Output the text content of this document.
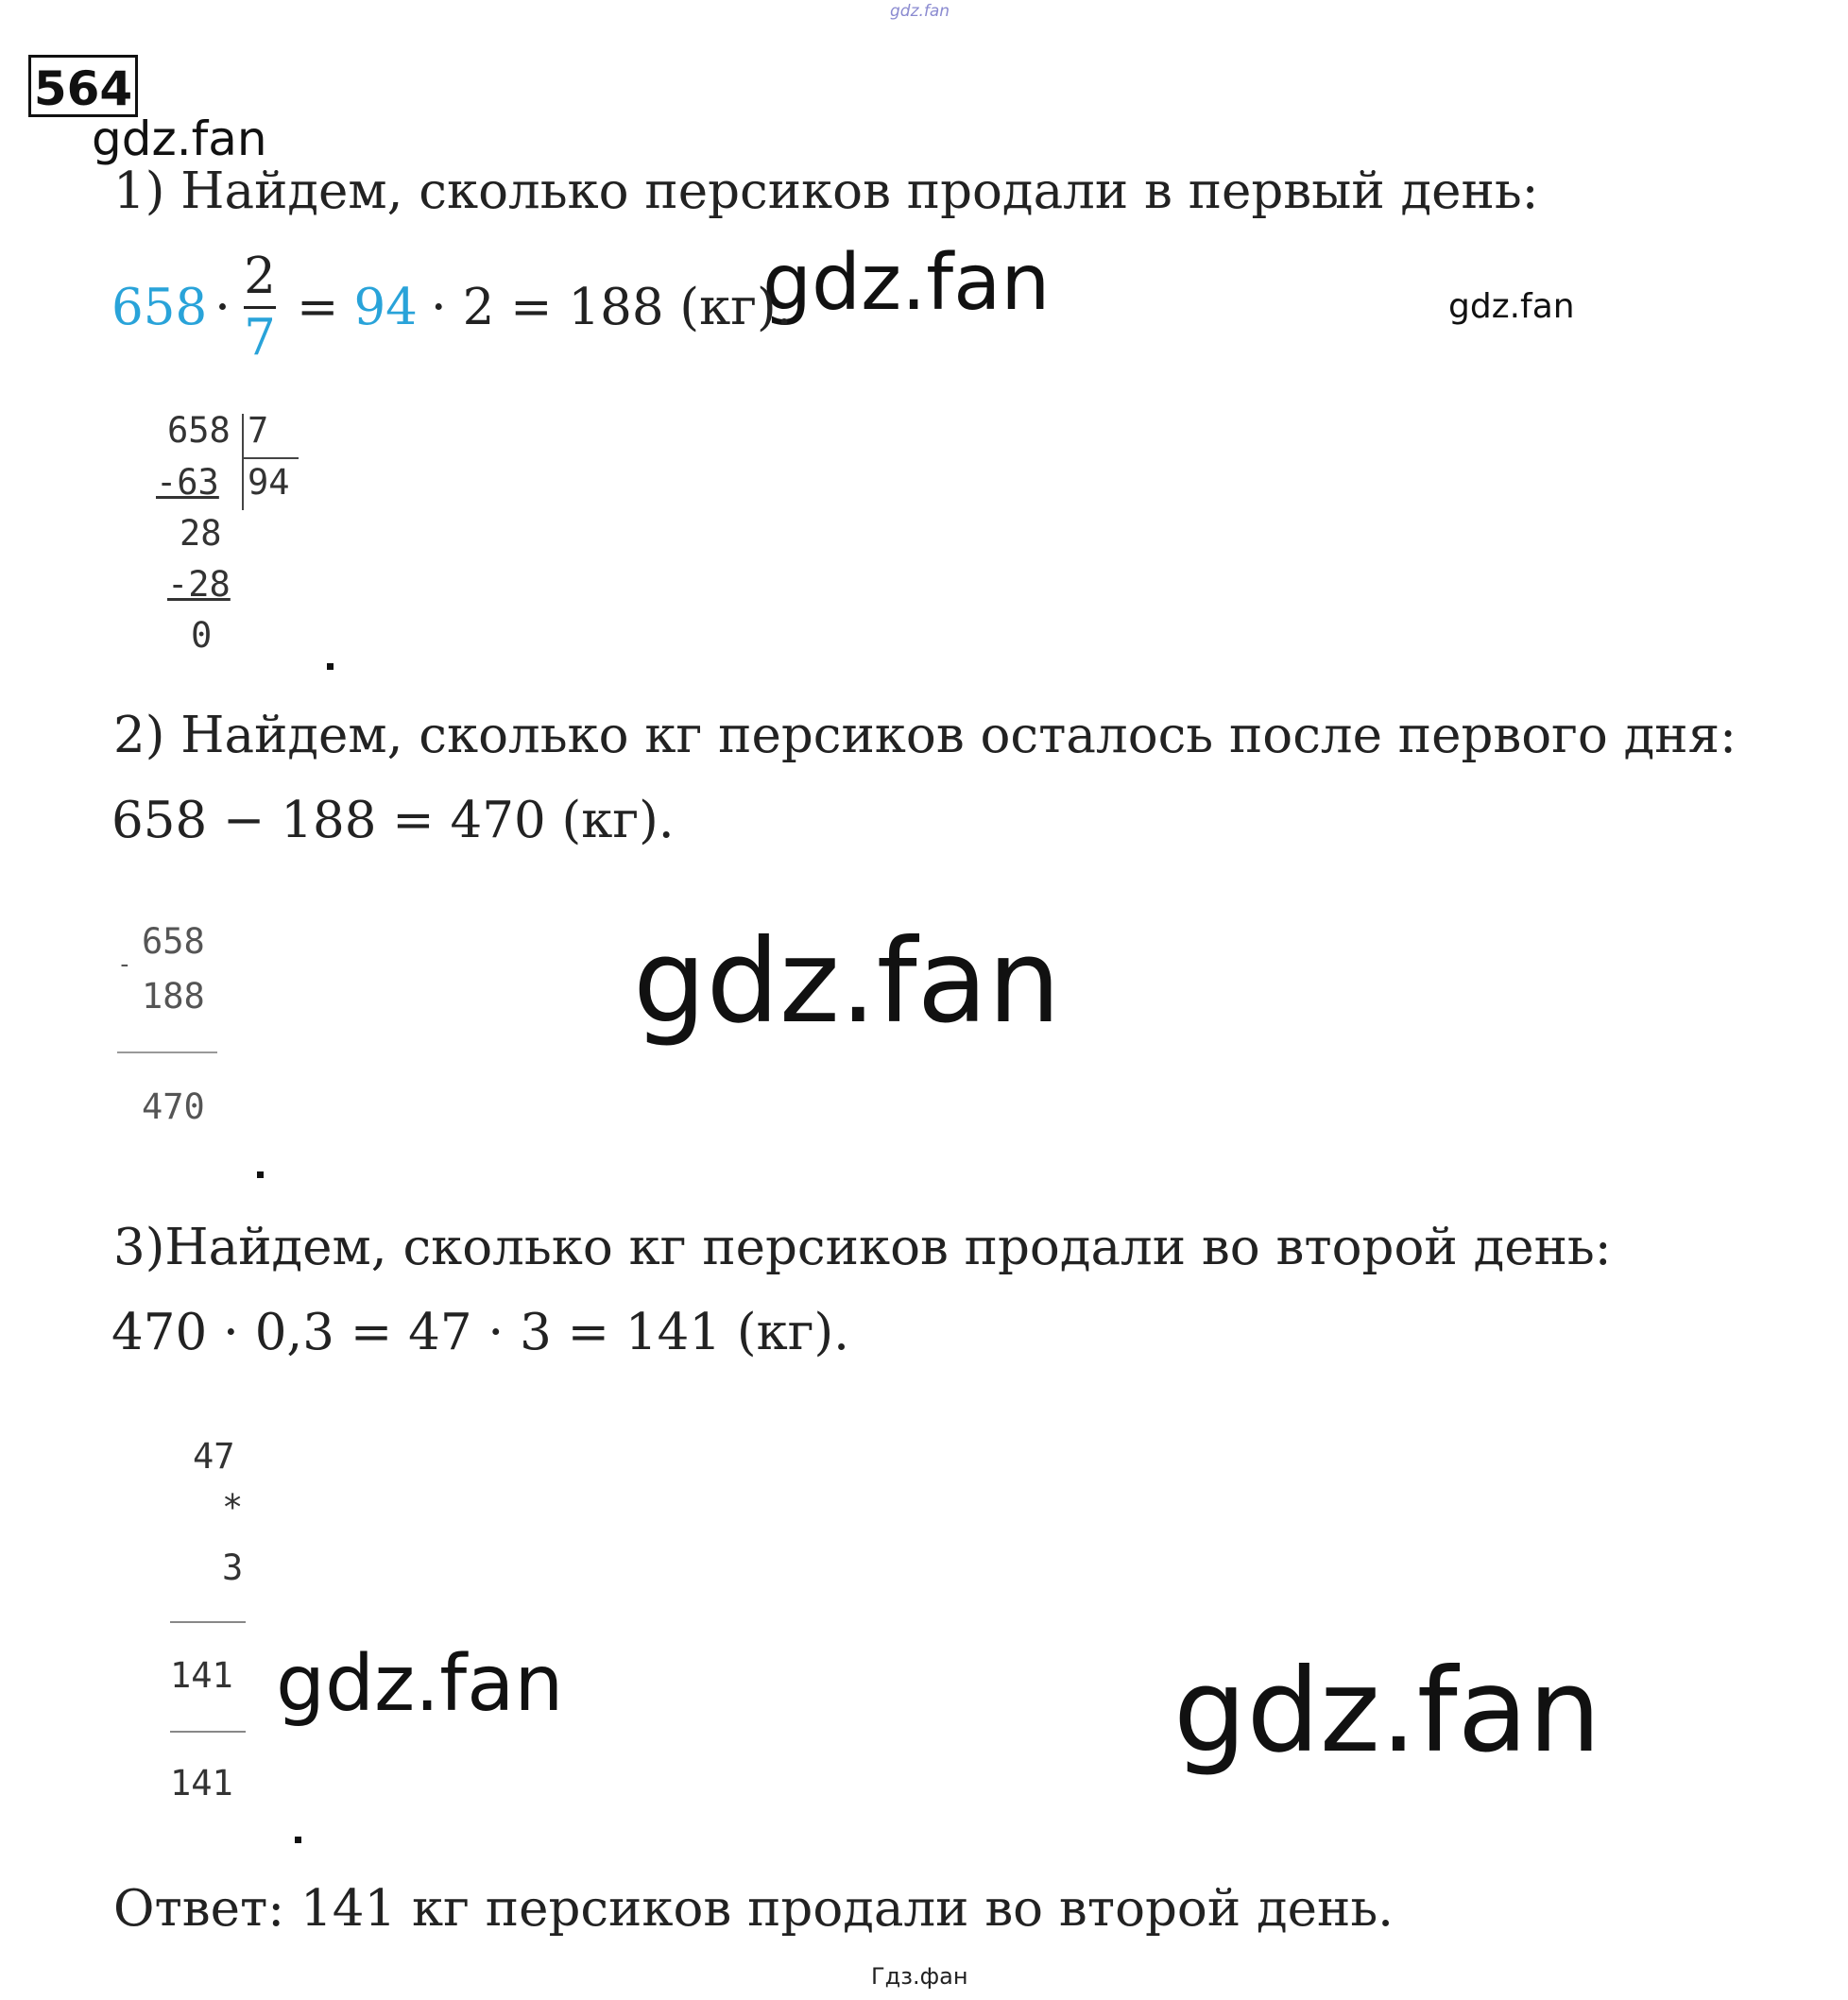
gdz.fan
564
gdz.fan
gdz.fan	gdz.fan
gdz.fan
gdz.fan	gdz.fan
1) Найдем, сколько персиков продали в первый день:
$658 \cdot \frac{2}{7} = 94 \cdot 2 = 188$ (кг).
658 7
-63 94
28
-28
0
2) Найдем, сколько кг персиков осталось после первого дня:
658 − 188 = 470 (кг).
658
-
188
470
3)Найдем, сколько кг персиков продали во второй день:
470 · 0,3 = 47 · 3 = 141 (кг).
47
*
3
141
141
Ответ: 141 кг персиков продали во второй день.
Гдз.фан
